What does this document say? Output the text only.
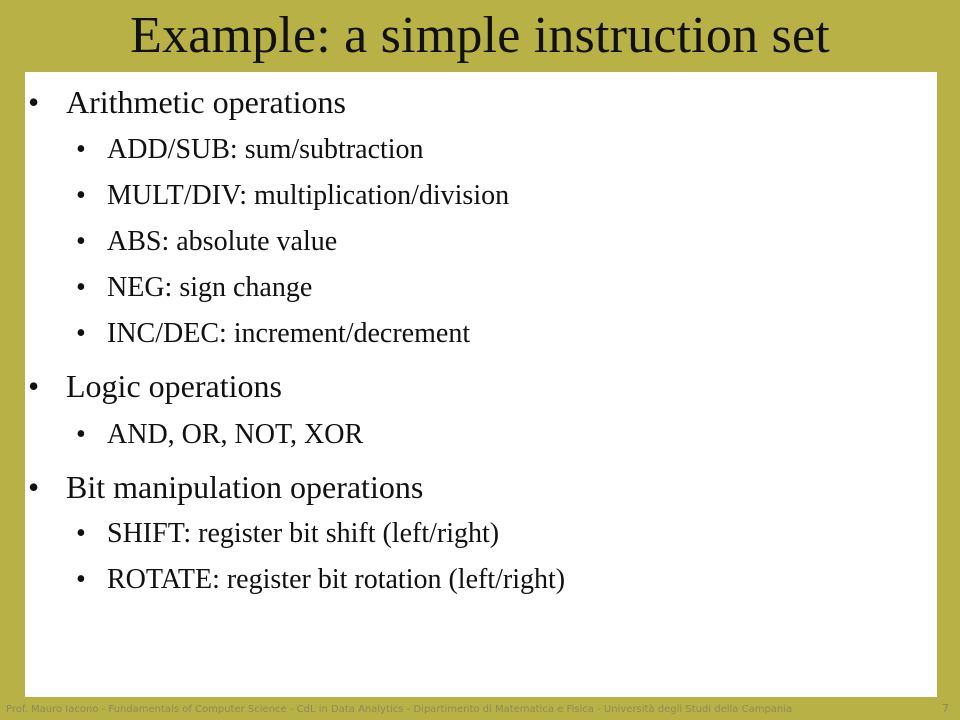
Example: a simple instruction set
• Arithmetic operations
• ADD/SUB: sum/subtraction
• MULT/DIV: multiplication/division
• ABS: absolute value
• NEG: sign change
• INC/DEC: increment/decrement
• Logic operations
• AND, OR, NOT, XOR
• Bit manipulation operations
• SHIFT: register bit shift (left/right)
• ROTATE: register bit rotation (left/right)
Prof. Mauro Iacono - Fundamentals of Computer Science - CdL in Data Analytics - Dipartimento di Matematica e Fisica - Università degli Studi della Campania	7
